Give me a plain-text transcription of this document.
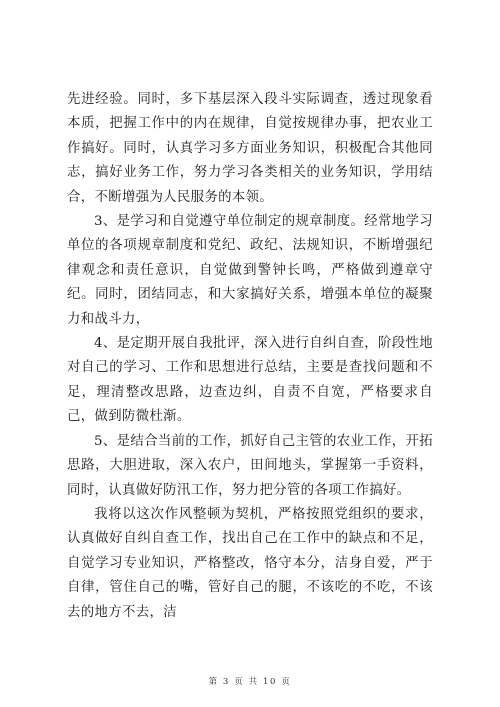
先进经验。同时，多下基层深入段斗实际调查，透过现象看本质，把握工作中的内在规律，自觉按规律办事，把农业工作搞好。同时，认真学习多方面业务知识，积极配合其他同志，搞好业务工作，努力学习各类相关的业务知识，学用结合，不断增强为人民服务的本领。

3、是学习和自觉遵守单位制定的规章制度。经常地学习单位的各项规章制度和党纪、政纪、法规知识，不断增强纪律观念和责任意识，自觉做到警钟长鸣，严格做到遵章守纪。同时，团结同志，和大家搞好关系，增强本单位的凝聚力和战斗力，

4、是定期开展自我批评，深入进行自纠自查，阶段性地对自己的学习、工作和思想进行总结，主要是查找问题和不足，理清整改思路，边查边纠，自责不自宽，严格要求自己，做到防微杜渐。

5、是结合当前的工作，抓好自己主管的农业工作，开拓思路，大胆进取，深入农户，田间地头，掌握第一手资料，同时，认真做好防汛工作，努力把分管的各项工作搞好。

我将以这次作风整顿为契机，严格按照党组织的要求，认真做好自纠自查工作，找出自己在工作中的缺点和不足，自觉学习专业知识，严格整改，恪守本分，洁身自爱，严于自律，管住自己的嘴，管好自己的腿，不该吃的不吃，不该去的地方不去，洁

第 3 页 共 10 页
